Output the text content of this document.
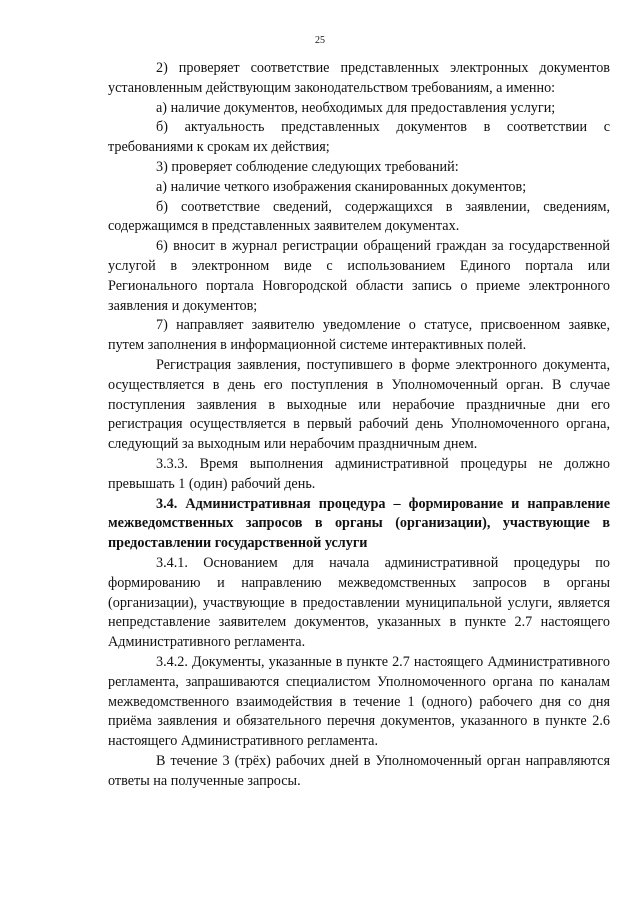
25

2) проверяет соответствие представленных электронных документов установленным действующим законодательством требованиям, а именно:

а) наличие документов, необходимых для предоставления услуги;

б) актуальность представленных документов в соответствии с требованиями к срокам их действия;

3) проверяет соблюдение следующих требований:

а) наличие четкого изображения сканированных документов;

б) соответствие сведений, содержащихся в заявлении, сведениям, содержащимся в представленных заявителем документах.

6) вносит в журнал регистрации обращений граждан за государственной услугой в электронном виде с использованием Единого портала или Регионального портала Новгородской области запись о приеме электронного заявления и документов;

7) направляет заявителю уведомление о статусе, присвоенном заявке, путем заполнения в информационной системе интерактивных полей.

Регистрация заявления, поступившего в форме электронного документа, осуществляется в день его поступления в Уполномоченный орган. В случае поступления заявления в выходные или нерабочие праздничные дни его регистрация осуществляется в первый рабочий день Уполномоченного органа, следующий за выходным или нерабочим праздничным днем.

3.3.3. Время выполнения административной процедуры не должно превышать 1 (один) рабочий день.

3.4. Административная процедура – формирование и направление межведомственных запросов в органы (организации), участвующие в предоставлении государственной услуги

3.4.1. Основанием для начала административной процедуры по формированию и направлению межведомственных запросов в органы (организации), участвующие в предоставлении муниципальной услуги, является непредставление заявителем документов, указанных в пункте 2.7 настоящего Административного регламента.

3.4.2. Документы, указанные в пункте 2.7 настоящего Административного регламента, запрашиваются специалистом Уполномоченного органа по каналам межведомственного взаимодействия в течение 1 (одного) рабочего дня со дня приёма заявления и обязательного перечня документов, указанного в пункте 2.6 настоящего Административного регламента.

В течение 3 (трёх) рабочих дней в Уполномоченный орган направляются ответы на полученные запросы.
